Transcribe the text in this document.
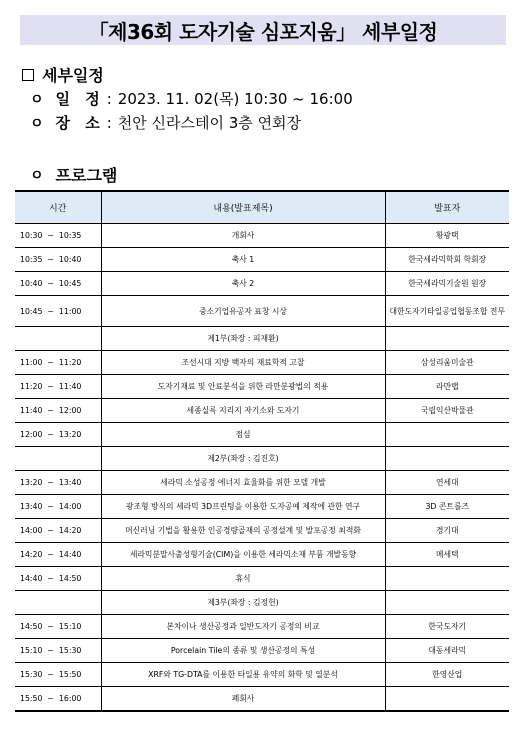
「제36회 도자기술 심포지움」 세부일정
세부일정
ㅇ 일 정 : 2023. 11. 02(목) 10:30 ~ 16:00
ㅇ 장 소 : 천안 신라스테이 3층 연회장
ㅇ 프로그램
시간	내용(발표제목)	발표자
10:30  ~  10:35	개회사	황광택
10:35  ~  10:40	축사 1	한국세라믹학회 학회장
10:40  ~  10:45	축사 2	한국세라믹기술원 원장
10:45  ~  11:00	중소기업유공자 표창 시상	대한도자기타일공업협동조합 전무
	제1부(좌장 : 피재환)	
11:00  ~  11:20	조선시대 지방 백자의 재료학적 고찰	삼성리움미술관
11:20  ~  11:40	도자기재료 및 안료분석을 위한 라만분광법의 적용	라만랩
11:40  ~  12:00	세종실록 지리지 자기소와 도자기	국립익산박물관
12:00  ~  13:20	점심	
	제2부(좌장 : 김진호)	
13:20  ~  13:40	세라믹 소성공정 에너지 효율화를 위한 모델 개발	연세대
13:40  ~  14:00	광조형 방식의 세라믹 3D프린팅을 이용한 도자공예 제작에 관한 연구	3D 콘트롤즈
14:00  ~  14:20	머신러닝 기법을 활용한 인공경량골재의 공정설계 및 발포공정 최적화	경기대
14:20  ~  14:40	세라믹분말사출성형기술(CIM)을 이용한 세라믹소재 부품 개발동향	메세텍
14:40  ~  14:50	휴식	
	제3부(좌장 : 김정헌)	
14:50  ~  15:10	본차이나 생산공정과 일반도자기 공정의 비교	한국도자기
15:10  ~  15:30	Porcelain Tile의 종류 및 생산공정의 특성	대동세라믹
15:30  ~  15:50	XRF와 TG-DTA를 이용한 타일용 유약의 화학 및 열분석	한영산업
15:50  ~  16:00	폐회사	
